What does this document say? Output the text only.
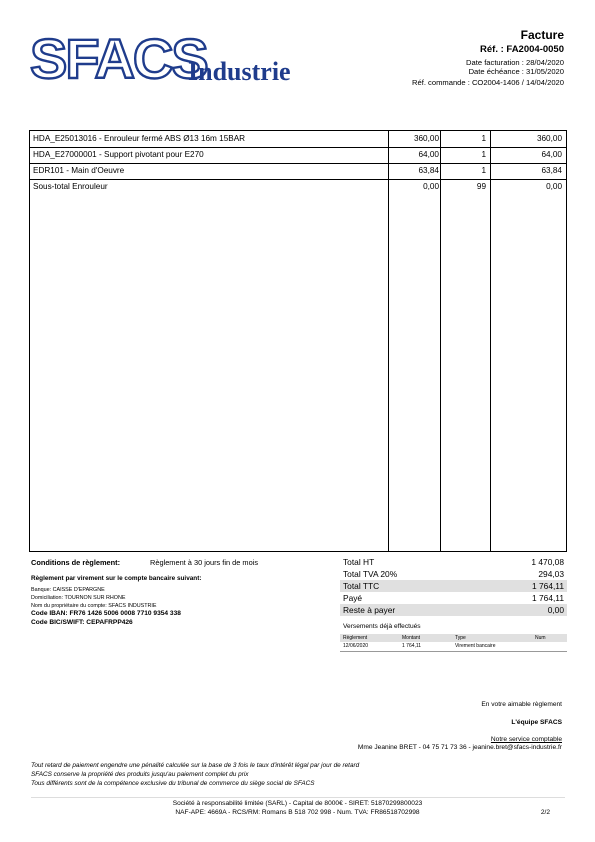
SFACS
Industrie
Facture
Réf. : FA2004-0050
Date facturation : 28/04/2020
Date échéance : 31/05/2020
Réf. commande : CO2004-1406 / 14/04/2020
HDA_E25013016 - Enrouleur fermé ABS Ø13 16m 15BAR	360,00	1	360,00
HDA_E27000001 - Support pivotant pour E270	64,00	1	64,00
EDR101 - Main d'Oeuvre	63,84	1	63,84
Sous-total Enrouleur	0,00	99	0,00
Conditions de règlement:	Règlement à 30 jours fin de mois
Règlement par virement sur le compte bancaire suivant:
Banque: CAISSE D'EPARGNE
Domiciliation: TOURNON SUR RHONE
Nom du propriétaire du compte: SFACS INDUSTRIE
Code IBAN: FR76 1426 5006 0008 7710 9354 338
Code BIC/SWIFT: CEPAFRPP426
Total HT	1 470,08
Total TVA 20%	294,03
Total TTC	1 764,11
Payé	1 764,11
Reste à payer	0,00
Versements déjà effectués
Règlement	Montant	Type	Num
12/06/2020	1 764,11	Virement bancaire
En votre aimable règlement
L'équipe SFACS
Notre service comptable
Mme Jeanine BRET - 04 75 71 73 36 - jeanine.bret@sfacs-industrie.fr
Tout retard de paiement engendre une pénalité calculée sur la base de 3 fois le taux d'intérêt légal par jour de retard
SFACS conserve la propriété des produits jusqu'au paiement complet du prix
Tous différents sont de la compétence exclusive du tribunal de commerce du siège social de SFACS
Société à responsabilité limitée (SARL) - Capital de 8000€ - SIRET: 51870299800023
NAF-APE: 4669A - RCS/RM: Romans B 518 702 998 - Num. TVA: FR86518702998	2/2
